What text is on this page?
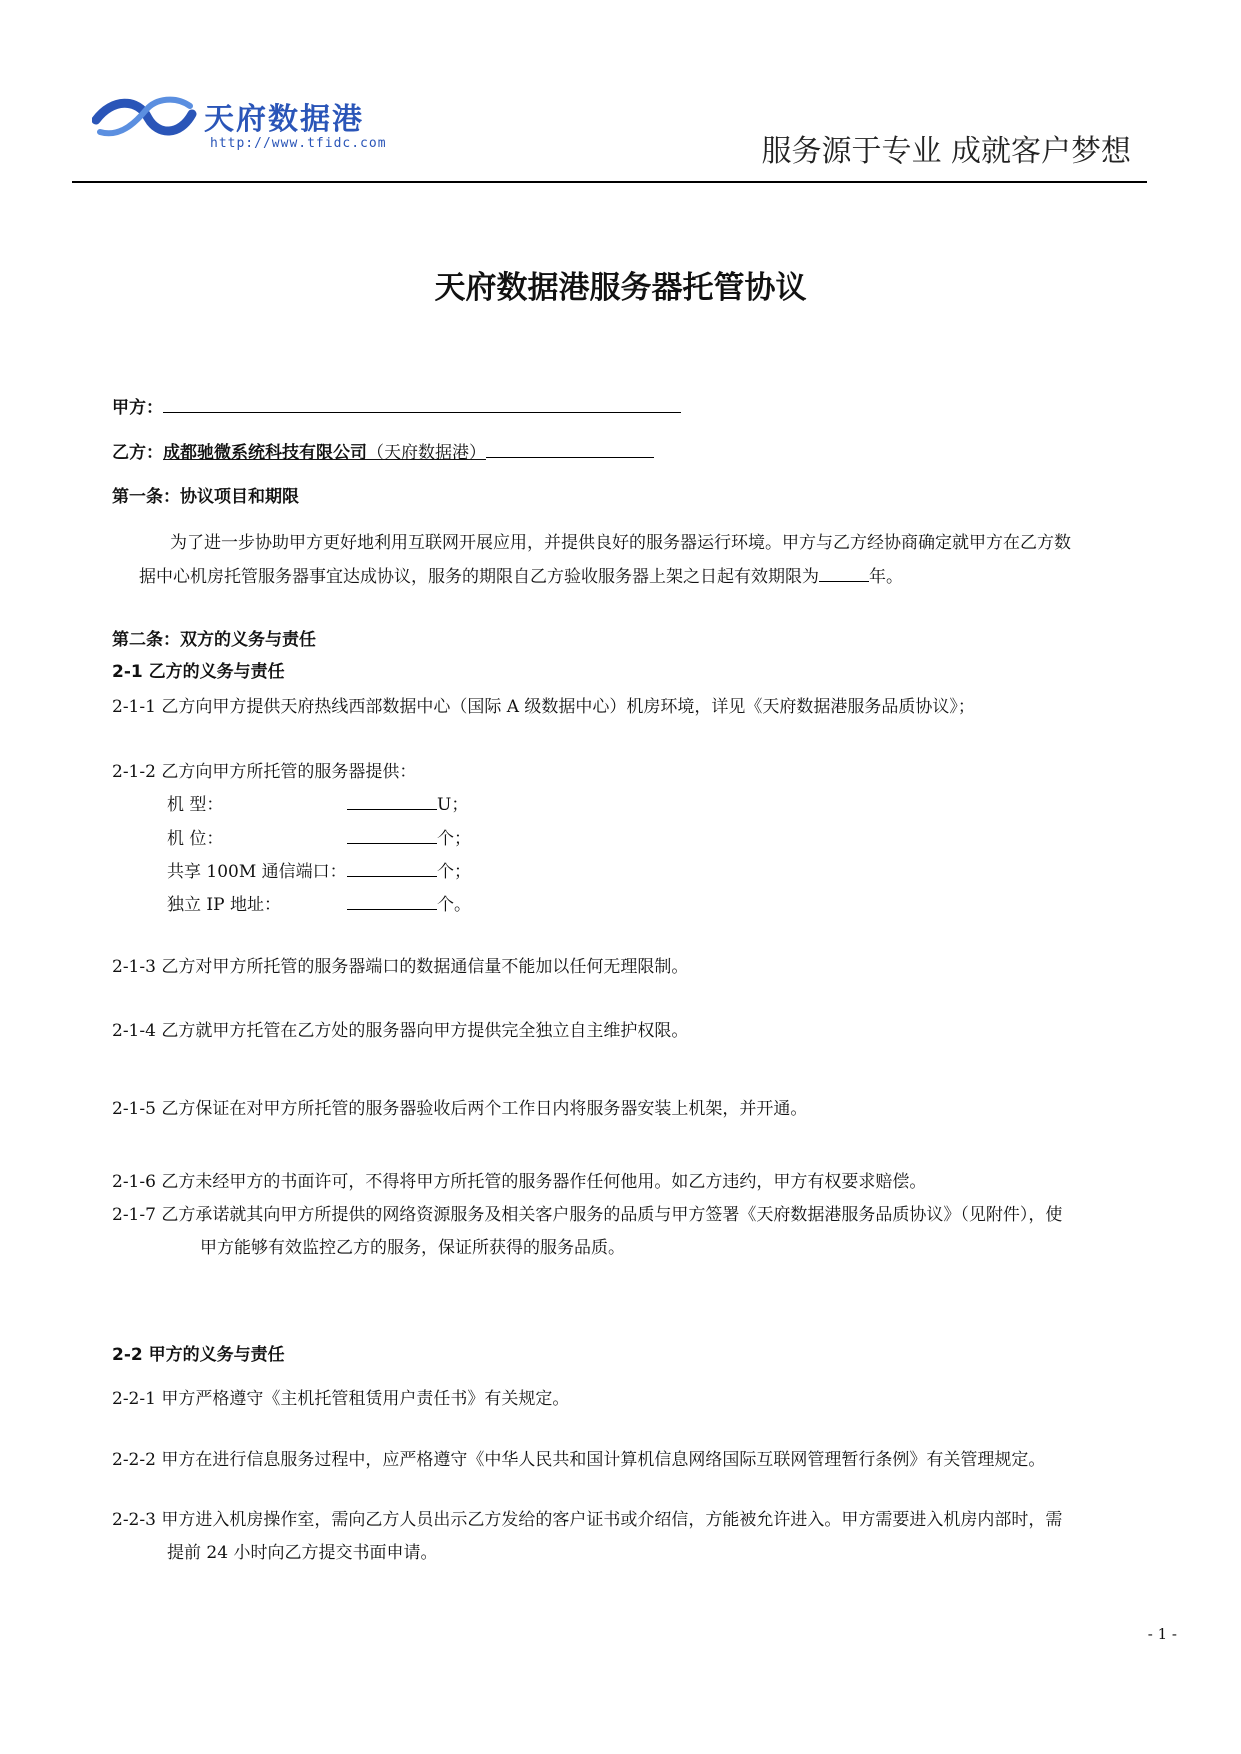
天府数据港
http://www.tfidc.com	服务源于专业 成就客户梦想
天府数据港服务器托管协议
甲方：
乙方：成都驰微系统科技有限公司（天府数据港）
第一条：协议项目和期限
为了进一步协助甲方更好地利用互联网开展应用，并提供良好的服务器运行环境。甲方与乙方经协商确定就甲方在乙方数
据中心机房托管服务器事宜达成协议，服务的期限自乙方验收服务器上架之日起有效期限为	年。
第二条：双方的义务与责任
2-1 乙方的义务与责任
2-1-1 乙方向甲方提供天府热线西部数据中心（国际 A 级数据中心）机房环境，详见《天府数据港服务品质协议》；
2-1-2 乙方向甲方所托管的服务器提供：
机 型：	U；
机 位：	个；
共享 100M 通信端口：	个；
独立 IP 地址：	个。
2-1-3 乙方对甲方所托管的服务器端口的数据通信量不能加以任何无理限制。
2-1-4 乙方就甲方托管在乙方处的服务器向甲方提供完全独立自主维护权限。
2-1-5 乙方保证在对甲方所托管的服务器验收后两个工作日内将服务器安装上机架，并开通。
2-1-6 乙方未经甲方的书面许可，不得将甲方所托管的服务器作任何他用。如乙方违约，甲方有权要求赔偿。
2-1-7 乙方承诺就其向甲方所提供的网络资源服务及相关客户服务的品质与甲方签署《天府数据港服务品质协议》（见附件），使
甲方能够有效监控乙方的服务，保证所获得的服务品质。
2-2 甲方的义务与责任
2-2-1 甲方严格遵守《主机托管租赁用户责任书》有关规定。
2-2-2 甲方在进行信息服务过程中，应严格遵守《中华人民共和国计算机信息网络国际互联网管理暂行条例》有关管理规定。
2-2-3 甲方进入机房操作室，需向乙方人员出示乙方发给的客户证书或介绍信，方能被允许进入。甲方需要进入机房内部时，需
提前 24 小时向乙方提交书面申请。
- 1 -
